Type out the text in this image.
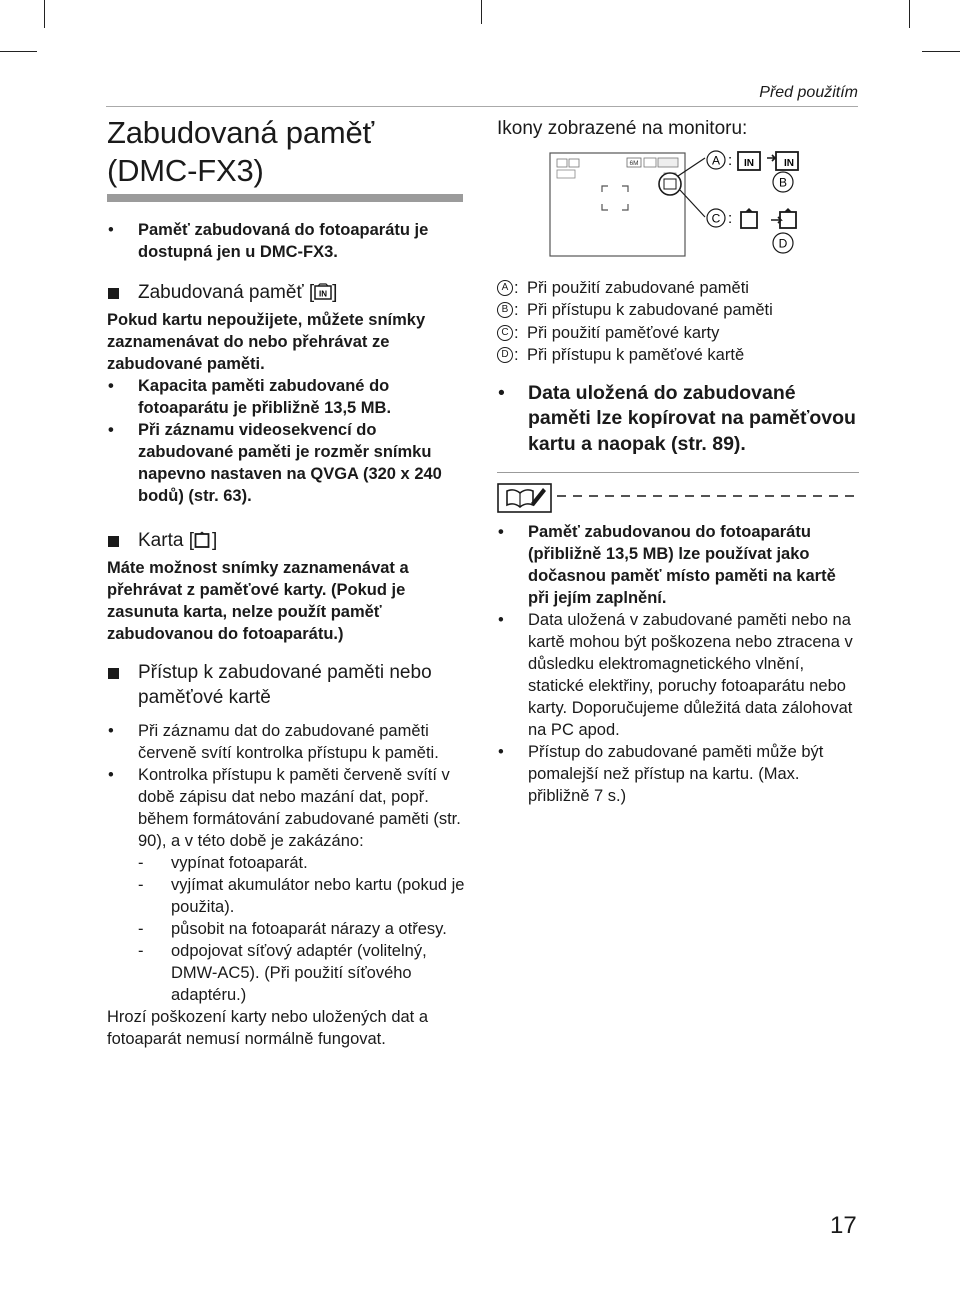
Před použitím
Zabudovaná paměť
(DMC-FX3)
• Paměť zabudovaná do fotoaparátu je dostupná jen u DMC-FX3.
Zabudovaná paměť [ IN ]
Pokud kartu nepoužijete, můžete snímky zaznamenávat do nebo přehrávat ze zabudované paměti.
• Kapacita paměti zabudované do fotoaparátu je přibližně 13,5 MB.
• Při záznamu videosekvencí do zabudované paměti je rozměr snímku napevno nastaven na QVGA (320 x 240 bodů) (str. 63).
Karta [ ]
Máte možnost snímky zaznamenávat a přehrávat z paměťové karty. (Pokud je zasunuta karta, nelze použít paměť zabudovanou do fotoaparátu.)
Přístup k zabudované paměti nebo paměťové kartě
• Při záznamu dat do zabudované paměti červeně svítí kontrolka přístupu k paměti.
• Kontrolka přístupu k paměti červeně svítí v době zápisu dat nebo mazání dat, popř. během formátování zabudované paměti (str. 90), a v této době je zakázáno:
- vypínat fotoaparát.
- vyjímat akumulátor nebo kartu (pokud je použita).
- působit na fotoaparát nárazy a otřesy.
- odpojovat síťový adaptér (volitelný, DMW-AC5). (Při použití síťového adaptéru.)
Hrozí poškození karty nebo uložených dat a fotoaparát nemusí normálně fungovat.
Ikony zobrazené na monitoru:
6M	A : IN	IN
B
C :
D
A : Při použití zabudované paměti
B : Při přístupu k zabudované paměti
C : Při použití paměťové karty
D : Při přístupu k paměťové kartě
• Data uložená do zabudované paměti lze kopírovat na paměťovou kartu a naopak (str. 89).
• Paměť zabudovanou do fotoaparátu (přibližně 13,5 MB) lze používat jako dočasnou paměť místo paměti na kartě při jejím zaplnění.
• Data uložená v zabudované paměti nebo na kartě mohou být poškozena nebo ztracena v důsledku elektromagnetického vlnění, statické elektřiny, poruchy fotoaparátu nebo karty. Doporučujeme důležitá data zálohovat na PC apod.
• Přístup do zabudované paměti může být pomalejší než přístup na kartu. (Max. přibližně 7 s.)
17
